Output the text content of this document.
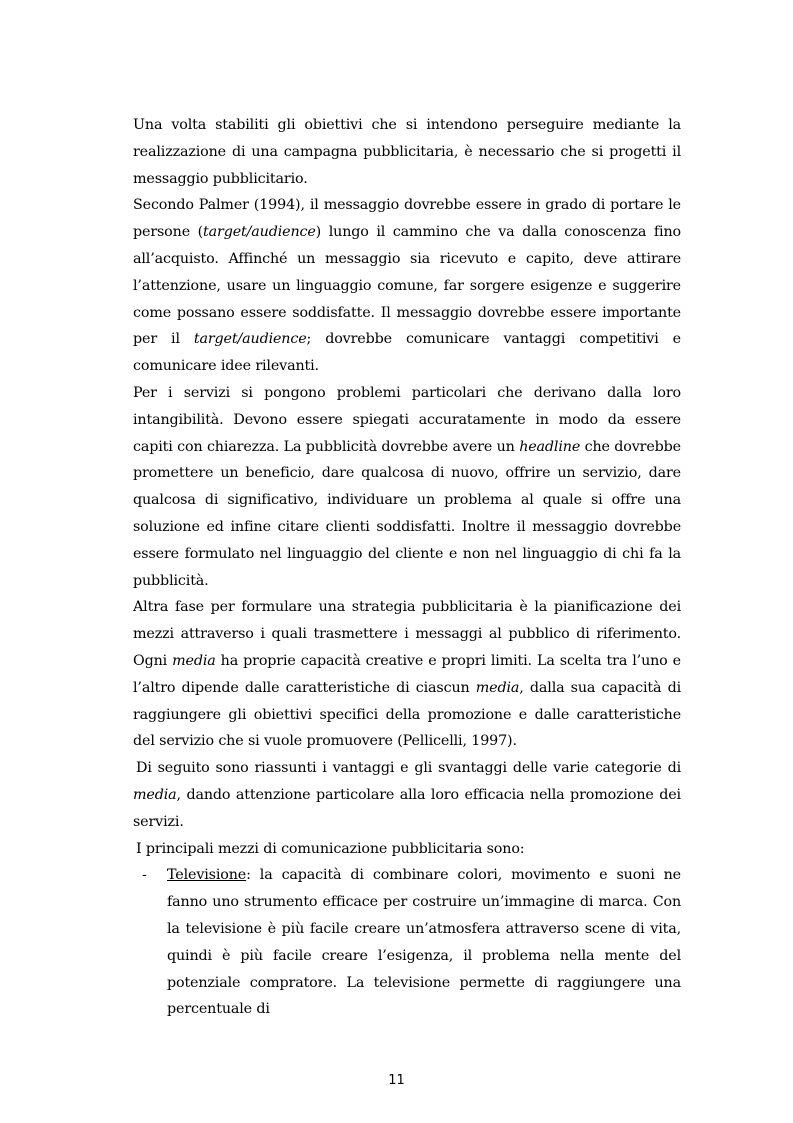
Una volta stabiliti gli obiettivi che si intendono perseguire mediante la realizzazione di una campagna pubblicitaria, è necessario che si progetti il messaggio pubblicitario.

Secondo Palmer (1994), il messaggio dovrebbe essere in grado di portare le persone (target/audience) lungo il cammino che va dalla conoscenza fino all’acquisto. Affinché un messaggio sia ricevuto e capito, deve attirare l’attenzione, usare un linguaggio comune, far sorgere esigenze e suggerire come possano essere soddisfatte. Il messaggio dovrebbe essere importante per il target/audience; dovrebbe comunicare vantaggi competitivi e comunicare idee rilevanti.

Per i servizi si pongono problemi particolari che derivano dalla loro intangibilità. Devono essere spiegati accuratamente in modo da essere capiti con chiarezza. La pubblicità dovrebbe avere un headline che dovrebbe promettere un beneficio, dare qualcosa di nuovo, offrire un servizio, dare qualcosa di significativo, individuare un problema al quale si offre una soluzione ed infine citare clienti soddisfatti. Inoltre il messaggio dovrebbe essere formulato nel linguaggio del cliente e non nel linguaggio di chi fa la pubblicità.

Altra fase per formulare una strategia pubblicitaria è la pianificazione dei mezzi attraverso i quali trasmettere i messaggi al pubblico di riferimento. Ogni media ha proprie capacità creative e propri limiti. La scelta tra l’uno e l’altro dipende dalle caratteristiche di ciascun media, dalla sua capacità di raggiungere gli obiettivi specifici della promozione e dalle caratteristiche del servizio che si vuole promuovere (Pellicelli, 1997).

Di seguito sono riassunti i vantaggi e gli svantaggi delle varie categorie di media, dando attenzione particolare alla loro efficacia nella promozione dei servizi.

I principali mezzi di comunicazione pubblicitaria sono:

- Televisione: la capacità di combinare colori, movimento e suoni ne fanno uno strumento efficace per costruire un’immagine di marca. Con la televisione è più facile creare un’atmosfera attraverso scene di vita, quindi è più facile creare l’esigenza, il problema nella mente del potenziale compratore. La televisione permette di raggiungere una percentuale di
11
